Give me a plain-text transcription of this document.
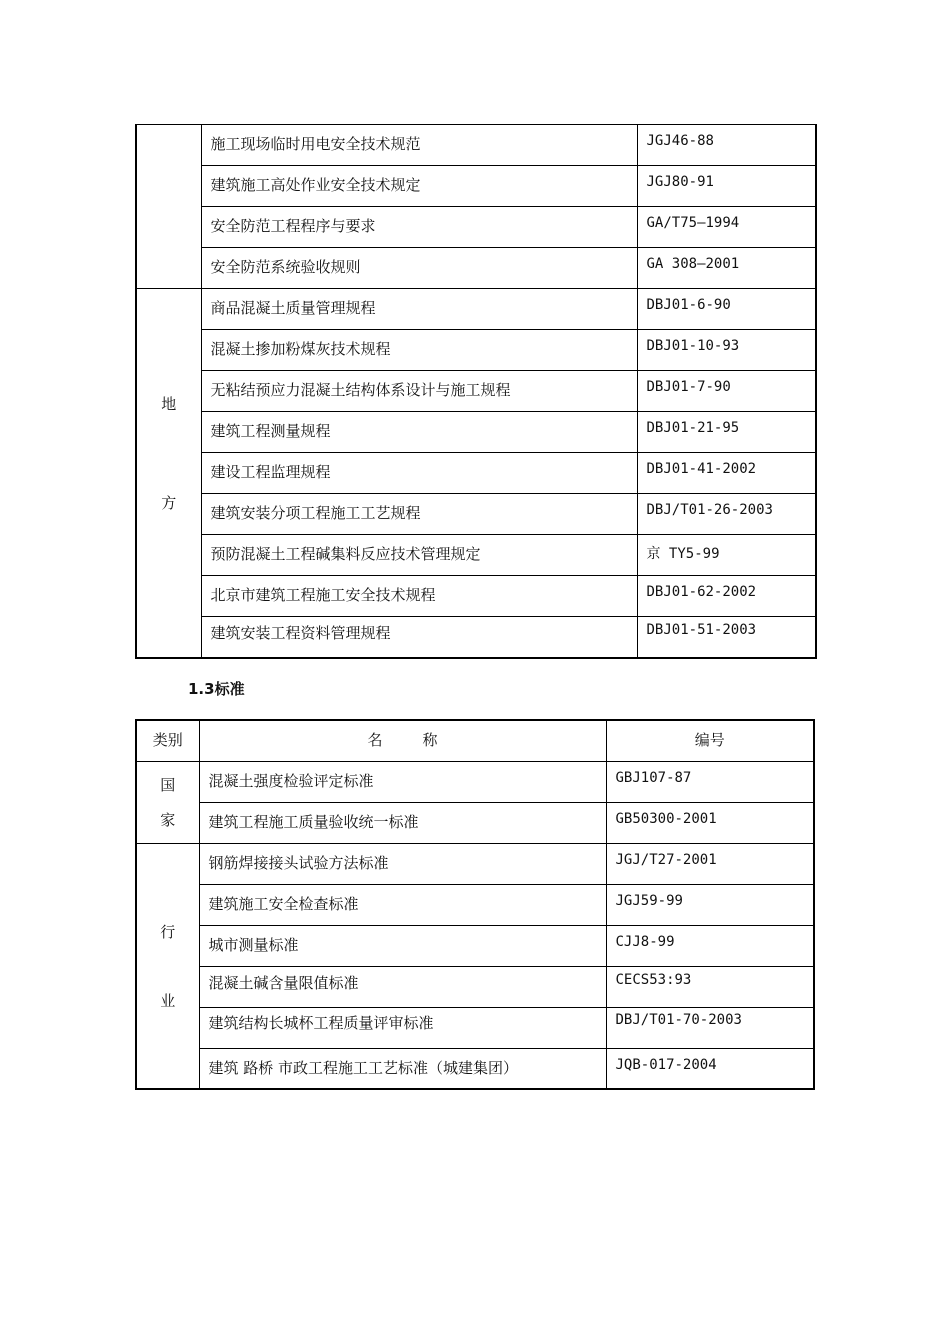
	施工现场临时用电安全技术规范	JGJ46-88
	建筑施工高处作业安全技术规定	JGJ80-91
	安全防范工程程序与要求	GA/T75—1994
	安全防范系统验收规则	GA 308—2001

地
方	商品混凝土质量管理规程	DBJ01-6-90
	混凝土掺加粉煤灰技术规程	DBJ01-10-93
	无粘结预应力混凝土结构体系设计与施工规程	DBJ01-7-90
	建筑工程测量规程	DBJ01-21-95
	建设工程监理规程	DBJ01-41-2002
	建筑安装分项工程施工工艺规程	DBJ/T01-26-2003
	预防混凝土工程碱集料反应技术管理规定	京 TY5-99
	北京市建筑工程施工安全技术规程	DBJ01-62-2002
	建筑安装工程资料管理规程	DBJ01-51-2003
1.3标准
类别	名 称	编号

国
家	混凝土强度检验评定标准	GBJ107-87
	建筑工程施工质量验收统一标准	GB50300-2001

行
业	钢筋焊接接头试验方法标准	JGJ/T27-2001
	建筑施工安全检查标准	JGJ59-99
	城市测量标准	CJJ8-99
	混凝土碱含量限值标准	CECS53:93
	建筑结构长城杯工程质量评审标准	DBJ/T01-70-2003
	建筑 路桥 市政工程施工工艺标准（城建集团）	JQB-017-2004
